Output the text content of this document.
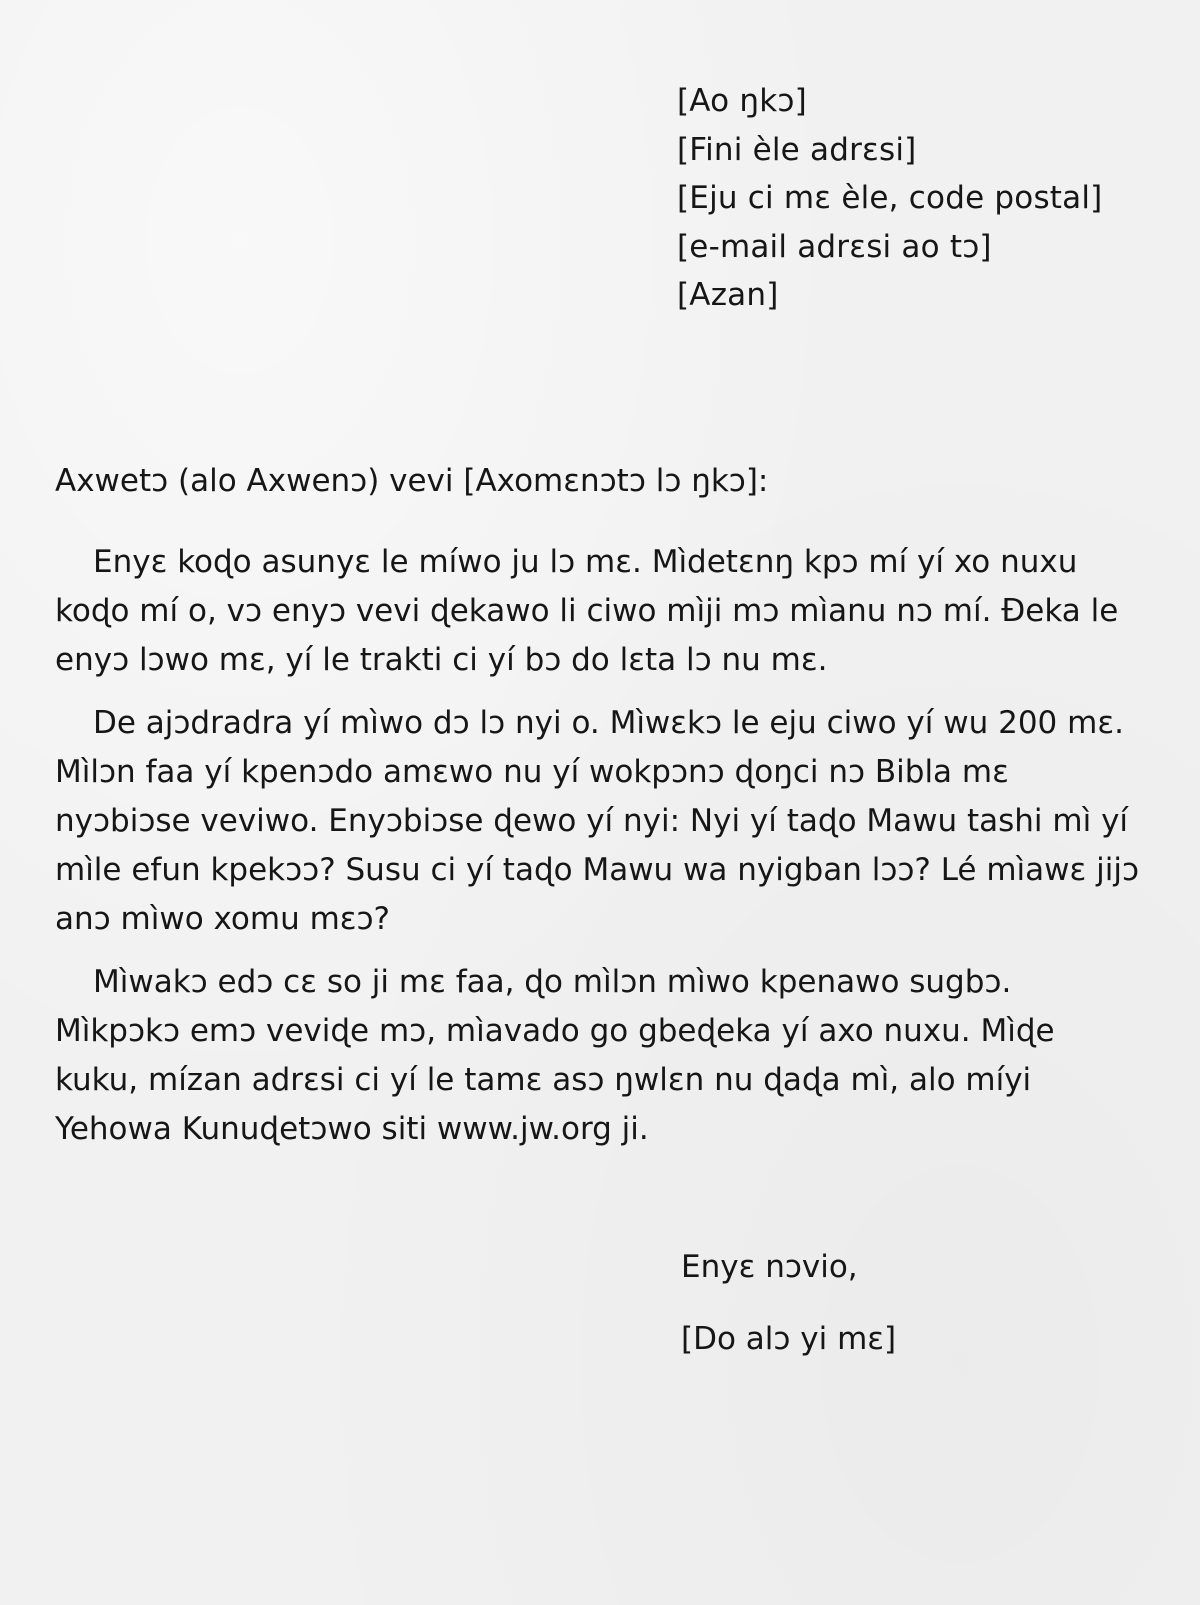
[Ao ŋkɔ]
[Fini èle adrɛsi]
[Eju ci mɛ èle, code postal]
[e-mail adrɛsi ao tɔ]
[Azan]
Axwetɔ (alo Axwenɔ) vevi [Axomɛnɔtɔ lɔ ŋkɔ]:

Enyɛ koɖo asunyɛ le míwo ju lɔ mɛ. Mìdetɛnŋ kpɔ mí yí xo nuxu koɖo mí o, vɔ enyɔ vevi ɖekawo li ciwo mìji mɔ mìanu nɔ mí. Ɖeka le enyɔ lɔwo mɛ, yí le trakti ci yí bɔ do lɛta lɔ nu mɛ.

De ajɔdradra yí mìwo dɔ lɔ nyi o. Mìwɛkɔ le eju ciwo yí wu 200 mɛ. Mìlɔn faa yí kpenɔdo amɛwo nu yí wokpɔnɔ ɖoŋci nɔ Bibla mɛ nyɔbiɔse veviwo. Enyɔbiɔse ɖewo yí nyi: Nyi yí taɖo Mawu tashi mì yí mìle efun kpekɔɔ? Susu ci yí taɖo Mawu wa nyigban lɔɔ? Lé mìawɛ jijɔ anɔ mìwo xomu mɛɔ?

Mìwakɔ edɔ cɛ so ji mɛ faa, ɖo mìlɔn mìwo kpenawo sugbɔ. Mìkpɔkɔ emɔ veviɖe mɔ, mìavado go gbeɖeka yí axo nuxu. Mìɖe kuku, mízan adrɛsi ci yí le tamɛ asɔ ŋwlɛn nu ɖaɖa mì, alo míyi Yehowa Kunuɖetɔwo siti www.jw.org ji.

Enyɛ nɔvio,
[Do alɔ yi mɛ]
